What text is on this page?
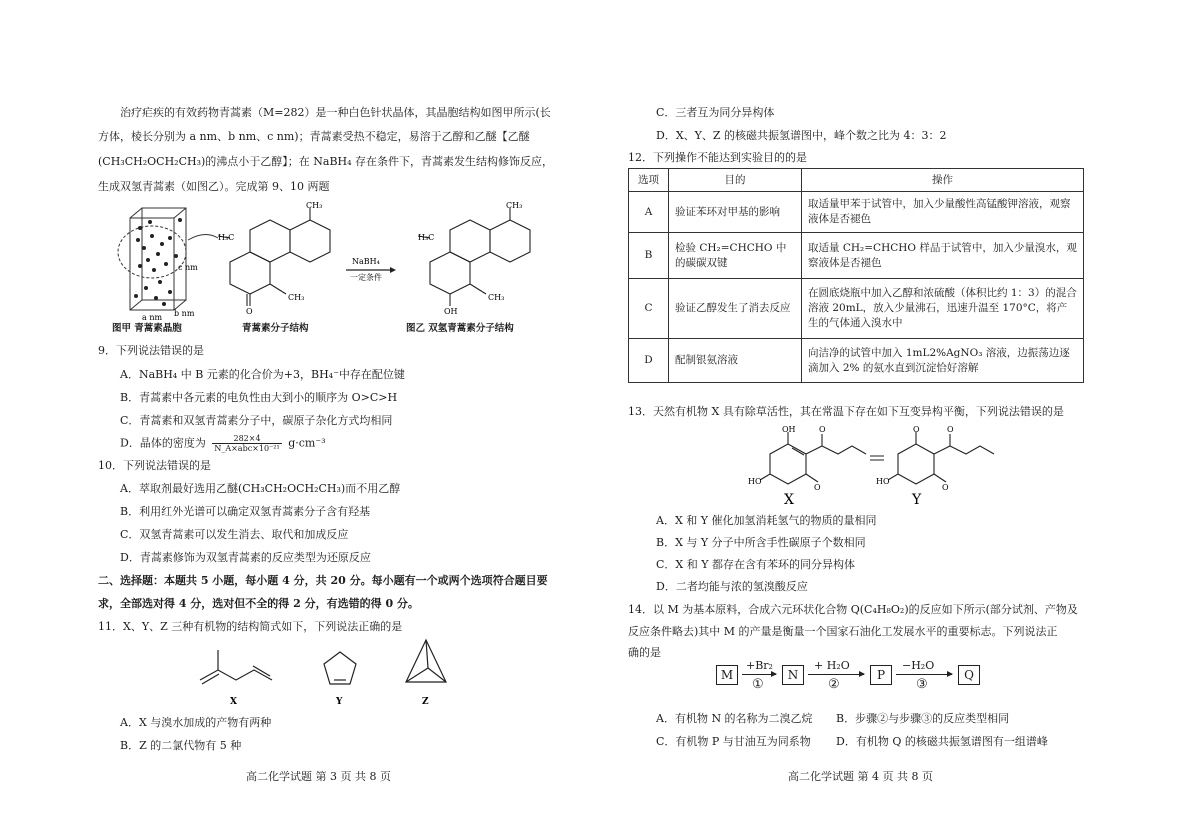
治疗疟疾的有效药物青蒿素（M=282）是一种白色针状晶体，其晶胞结构如图甲所示(长
方体，棱长分别为 a nm、b nm、c nm)；青蒿素受热不稳定，易溶于乙醇和乙醚【乙醚
(CH₃CH₂OCH₂CH₃)的沸点小于乙醇】；在 NaBH₄ 存在条件下，青蒿素发生结构修饰反应，
生成双氢青蒿素（如图乙）。完成第 9、10 两题
c nm
b nm
a nm
CH₃
H₃C
CH₃
O
NaBH₄
一定条件
CH₃
H₃C
CH₃
OH
图甲 青蒿素晶胞	青蒿素分子结构	图乙 双氢青蒿素分子结构
9．下列说法错误的是
A．NaBH₄ 中 B 元素的化合价为+3，BH₄⁻中存在配位键
B．青蒿素中各元素的电负性由大到小的顺序为 O>C>H
C．青蒿素和双氢青蒿素分子中，碳原子杂化方式均相同
D．晶体的密度为 $\frac{282\times 4}{\text{N\_A×abc×10⁻²¹}} g\cdot cm^{-3}$
10．下列说法错误的是
A．萃取剂最好选用乙醚(CH₃CH₂OCH₂CH₃)而不用乙醇
B．利用红外光谱可以确定双氢青蒿素分子含有羟基
C．双氢青蒿素可以发生消去、取代和加成反应
D．青蒿素修饰为双氢青蒿素的反应类型为还原反应
二、选择题：本题共 5 小题，每小题 4 分，共 20 分。每小题有一个或两个选项符合题目要
求，全部选对得 4 分，选对但不全的得 2 分，有选错的得 0 分。
11．X、Y、Z 三种有机物的结构简式如下，下列说法正确的是
X	Y	Z
A．X 与溴水加成的产物有两种
B．Z 的二氯代物有 5 种
高二化学试题 第 3 页 共 8 页
C．三者互为同分异构体
D．X、Y、Z 的核磁共振氢谱图中，峰个数之比为 4：3：2
12．下列操作不能达到实验目的的是
选项	目的	操作
A	验证苯环对甲基的影响	取适量甲苯于试管中，加入少量酸性高锰酸钾溶液，观察液体是否褪色
B	检验 CH₂=CHCHO 中的碳碳双键	取适量 CH₂=CHCHO 样品于试管中，加入少量溴水，观察液体是否褪色
C	验证乙醇发生了消去反应	在圆底烧瓶中加入乙醇和浓硫酸（体积比约 1：3）的混合溶液 20mL，放入少量沸石，迅速升温至 170°C，将产生的气体通入溴水中
D	配制银氨溶液	向洁净的试管中加入 1mL2%AgNO₃ 溶液，边振荡边逐滴加入 2% 的氨水直到沉淀恰好溶解
13．天然有机物 X 具有除草活性，其在常温下存在如下互变异构平衡，下列说法错误的是
OH	O
O
HO
O	O
O
HO
X	Y
A．X 和 Y 催化加氢消耗氢气的物质的量相同
B．X 与 Y 分子中所含手性碳原子个数相同
C．X 和 Y 都存在含有苯环的同分异构体
D．二者均能与浓的氢溴酸反应
14．以 M 为基本原料，合成六元环状化合物 Q(C₄H₈O₂)的反应如下所示(部分试剂、产物及
反应条件略去)其中 M 的产量是衡量一个国家石油化工发展水平的重要标志。下列说法正
确的是
M
+Br₂
①
N
+ H₂O
②
P
−H₂O
③
Q
A．有机物 N 的名称为二溴乙烷 B．步骤②与步骤③的反应类型相同
C．有机物 P 与甘油互为同系物 D．有机物 Q 的核磁共振氢谱图有一组谱峰
高二化学试题 第 4 页 共 8 页
